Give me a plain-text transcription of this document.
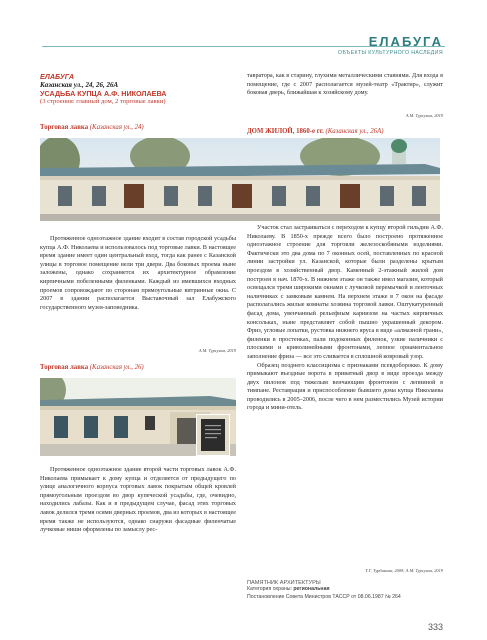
ЕЛАБУГА
ОБЪЕКТЫ КУЛЬТУРНОГО НАСЛЕДИЯ
ЕЛАБУГА
Казанская ул., 24, 26, 26А
УСАДЬБА КУПЦА А.Ф. НИКОЛАЕВА
(3 строения: главный дом, 2 торговые лавки)
Торговая лавка (Казанская ул., 24)

Протяженное одноэтажное здание входит в состав городской усадьбы купца А.Ф. Николаева и использовалось под торговые лавки. В настоящее время здание имеет один центральный вход, тогда как ранее с Казанской улицы в торговое помещение вели три двери. Два боковых проема ныне заложены, однако сохраняется их архитектурное обрамление кирпичными побеленными филенками. Каждый из имевшихся входных проемов сопровождают по сторонам прямоугольные витринные окна. С 2007 в здании располагается Выставочный зал Елабужского государственного музея-заповедника.

А.М. Турсунов, 2019
Торговая лавка (Казанская ул., 26)

Протяженное одноэтажное здание второй части торговых лавок А.Ф. Николаева примыкает к дому купца и отделяется от предыдущего по улице аналогичного корпуса торговых лавок покрытым общей кровлей прямоугольным проездом во двор купеческой усадьбы, где, очевидно, находились лабазы. Как и в предыдущем случае, фасад этих торговых лавок делился тремя осями дверных проемов, два из которых в настоящее время также не используются, однако снаружи фасадные филенчатые лучковые ниши оформлены по замыслу рес-

тавратора, как в старину, глухими металлическими ставнями. Для входа в помещение, где с 2007 располагается музей-театр «Трактир», служит боковая дверь, ближайшая к хозяйскому дому.

А.М. Турсунов, 2019
ДОМ ЖИЛОЙ, 1860-е гг. (Казанская ул., 26А)

Участок стал застраиваться с переходом к купцу второй гильдии А.Ф. Николаеву. В 1850-х прежде всего было построено протяженное одноэтажное строение для торговли железоскобяными изделиями. Фактически это два дома по 7 оконных осей, поставленных по красной линии застройки ул. Казанской, которые были разделены крытым проездом в хозяйственный двор. Каменный 2-этажный жилой дом построен в нач. 1870-х. В нижнем этаже он также имел магазин, который освещался тремя широкими окнами с лучковой перемычкой и ленточных наличниках с замковым камнем. На верхнем этаже в 7 окон на фасаде располагались жилые комнаты хозяина торговой лавки. Оштукатуренный фасад дома, увенчанный рельефным карнизом на частых кирпичных консольках, ныне представляет собой пышно украшенный декором. Фриз, угловые лопатки, рустовка нижнего яруса в виде «алмазной грани», филенки в простенках, пали подоконных филенок, узкие наличники с плоскими и криволинейными фронтонами, лепное орнаментальное заполнение фриза — все это сливается в сплошной ковровый узор.

Образец позднего классицизма с признаками псевдоборокко. К дому примыкают въездные ворота в приватный двор в виде проезда между двух пилонов под тяжелым венчающим фронтоном с лепниной в тимпане. Реставрация и приспособление бывшего дома купца Николаева проводились в 2005–2006, после чего в нем разместились Музей истории города и мини-отель.

Т.Г. Турбинова, 2009; А.М. Турсунов, 2019
ПАМЯТНИК АРХИТЕКТУРЫ
Категория охраны: региональная
Постановление Совета Министров ТАССР от 08.06.1987 № 264
333
